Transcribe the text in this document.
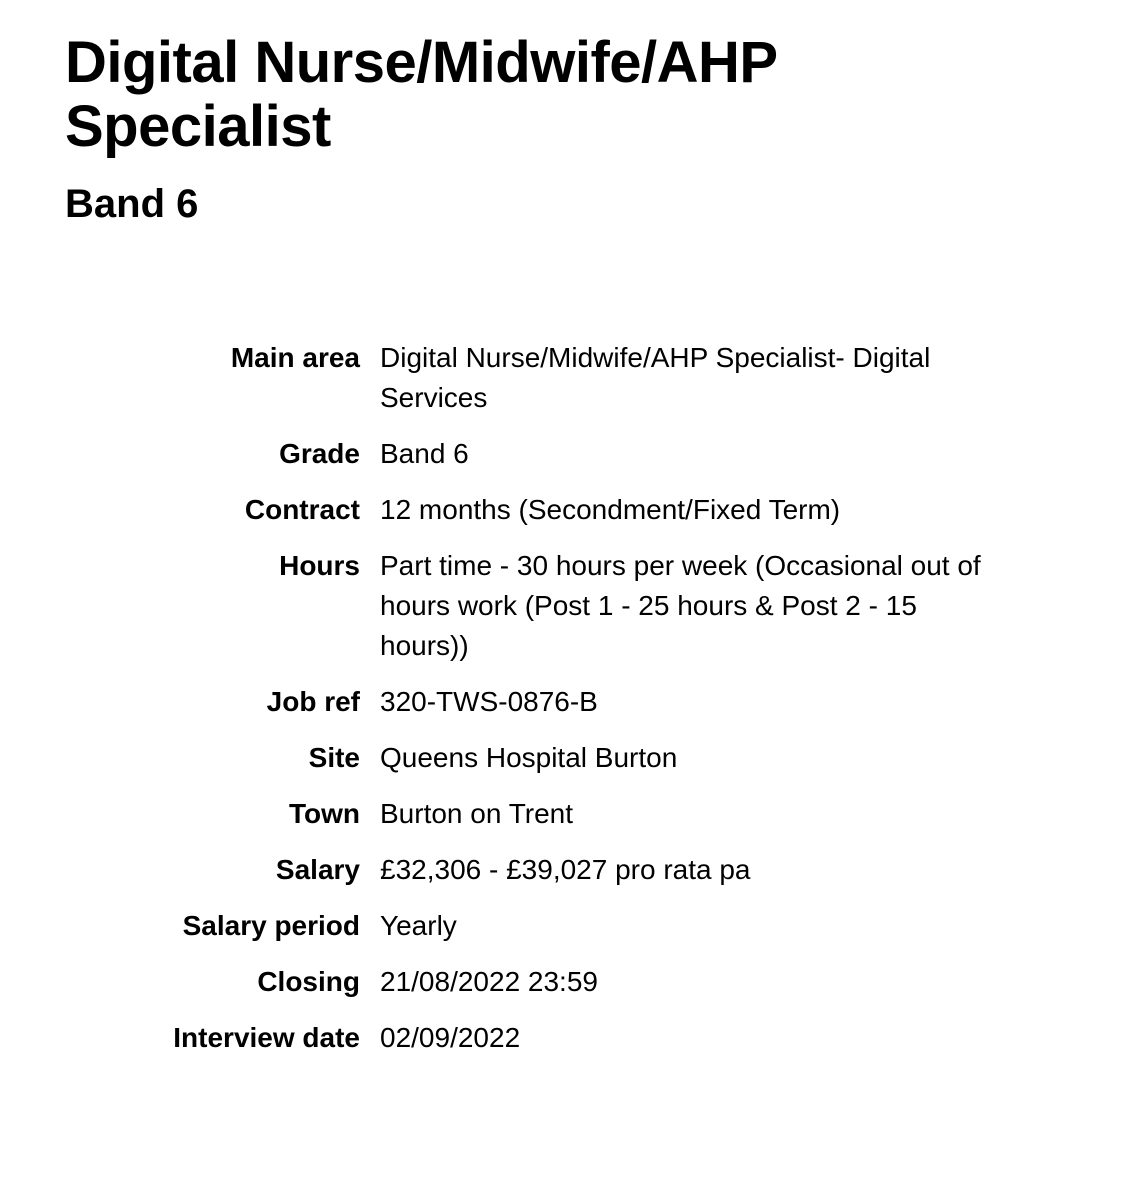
Digital Nurse/Midwife/AHP Specialist
Band 6
Main area Digital Nurse/Midwife/AHP Specialist- Digital Services
Grade Band 6
Contract 12 months (Secondment/Fixed Term)
Hours Part time - 30 hours per week (Occasional out of hours work (Post 1 - 25 hours & Post 2 - 15 hours))
Job ref 320-TWS-0876-B
Site Queens Hospital Burton
Town Burton on Trent
Salary £32,306 - £39,027 pro rata pa
Salary period Yearly
Closing 21/08/2022 23:59
Interview date 02/09/2022
